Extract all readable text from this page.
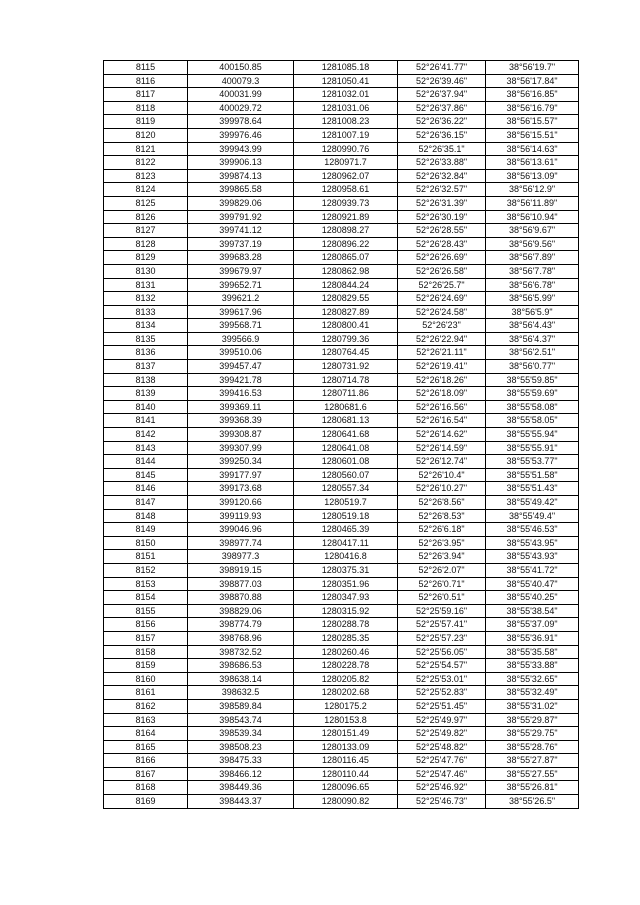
8115	400150.85	1281085.18	52°26'41.77"	38°56'19.7"
8116	400079.3	1281050.41	52°26'39.46"	38°56'17.84"
8117	400031.99	1281032.01	52°26'37.94"	38°56'16.85"
8118	400029.72	1281031.06	52°26'37.86"	38°56'16.79"
8119	399978.64	1281008.23	52°26'36.22"	38°56'15.57"
8120	399976.46	1281007.19	52°26'36.15"	38°56'15.51"
8121	399943.99	1280990.76	52°26'35.1"	38°56'14.63"
8122	399906.13	1280971.7	52°26'33.88"	38°56'13.61"
8123	399874.13	1280962.07	52°26'32.84"	38°56'13.09"
8124	399865.58	1280958.61	52°26'32.57"	38°56'12.9"
8125	399829.06	1280939.73	52°26'31.39"	38°56'11.89"
8126	399791.92	1280921.89	52°26'30.19"	38°56'10.94"
8127	399741.12	1280898.27	52°26'28.55"	38°56'9.67"
8128	399737.19	1280896.22	52°26'28.43"	38°56'9.56"
8129	399683.28	1280865.07	52°26'26.69"	38°56'7.89"
8130	399679.97	1280862.98	52°26'26.58"	38°56'7.78"
8131	399652.71	1280844.24	52°26'25.7"	38°56'6.78"
8132	399621.2	1280829.55	52°26'24.69"	38°56'5.99"
8133	399617.96	1280827.89	52°26'24.58"	38°56'5.9"
8134	399568.71	1280800.41	52°26'23"	38°56'4.43"
8135	399566.9	1280799.36	52°26'22.94"	38°56'4.37"
8136	399510.06	1280764.45	52°26'21.11"	38°56'2.51"
8137	399457.47	1280731.92	52°26'19.41"	38°56'0.77"
8138	399421.78	1280714.78	52°26'18.26"	38°55'59.85"
8139	399416.53	1280711.86	52°26'18.09"	38°55'59.69"
8140	399369.11	1280681.6	52°26'16.56"	38°55'58.08"
8141	399368.39	1280681.13	52°26'16.54"	38°55'58.05"
8142	399308.87	1280641.68	52°26'14.62"	38°55'55.94"
8143	399307.99	1280641.08	52°26'14.59"	38°55'55.91"
8144	399250.34	1280601.08	52°26'12.74"	38°55'53.77"
8145	399177.97	1280560.07	52°26'10.4"	38°55'51.58"
8146	399173.68	1280557.34	52°26'10.27"	38°55'51.43"
8147	399120.66	1280519.7	52°26'8.56"	38°55'49.42"
8148	399119.93	1280519.18	52°26'8.53"	38°55'49.4"
8149	399046.96	1280465.39	52°26'6.18"	38°55'46.53"
8150	398977.74	1280417.11	52°26'3.95"	38°55'43.95"
8151	398977.3	1280416.8	52°26'3.94"	38°55'43.93"
8152	398919.15	1280375.31	52°26'2.07"	38°55'41.72"
8153	398877.03	1280351.96	52°26'0.71"	38°55'40.47"
8154	398870.88	1280347.93	52°26'0.51"	38°55'40.25"
8155	398829.06	1280315.92	52°25'59.16"	38°55'38.54"
8156	398774.79	1280288.78	52°25'57.41"	38°55'37.09"
8157	398768.96	1280285.35	52°25'57.23"	38°55'36.91"
8158	398732.52	1280260.46	52°25'56.05"	38°55'35.58"
8159	398686.53	1280228.78	52°25'54.57"	38°55'33.88"
8160	398638.14	1280205.82	52°25'53.01"	38°55'32.65"
8161	398632.5	1280202.68	52°25'52.83"	38°55'32.49"
8162	398589.84	1280175.2	52°25'51.45"	38°55'31.02"
8163	398543.74	1280153.8	52°25'49.97"	38°55'29.87"
8164	398539.34	1280151.49	52°25'49.82"	38°55'29.75"
8165	398508.23	1280133.09	52°25'48.82"	38°55'28.76"
8166	398475.33	1280116.45	52°25'47.76"	38°55'27.87"
8167	398466.12	1280110.44	52°25'47.46"	38°55'27.55"
8168	398449.36	1280096.65	52°25'46.92"	38°55'26.81"
8169	398443.37	1280090.82	52°25'46.73"	38°55'26.5"
